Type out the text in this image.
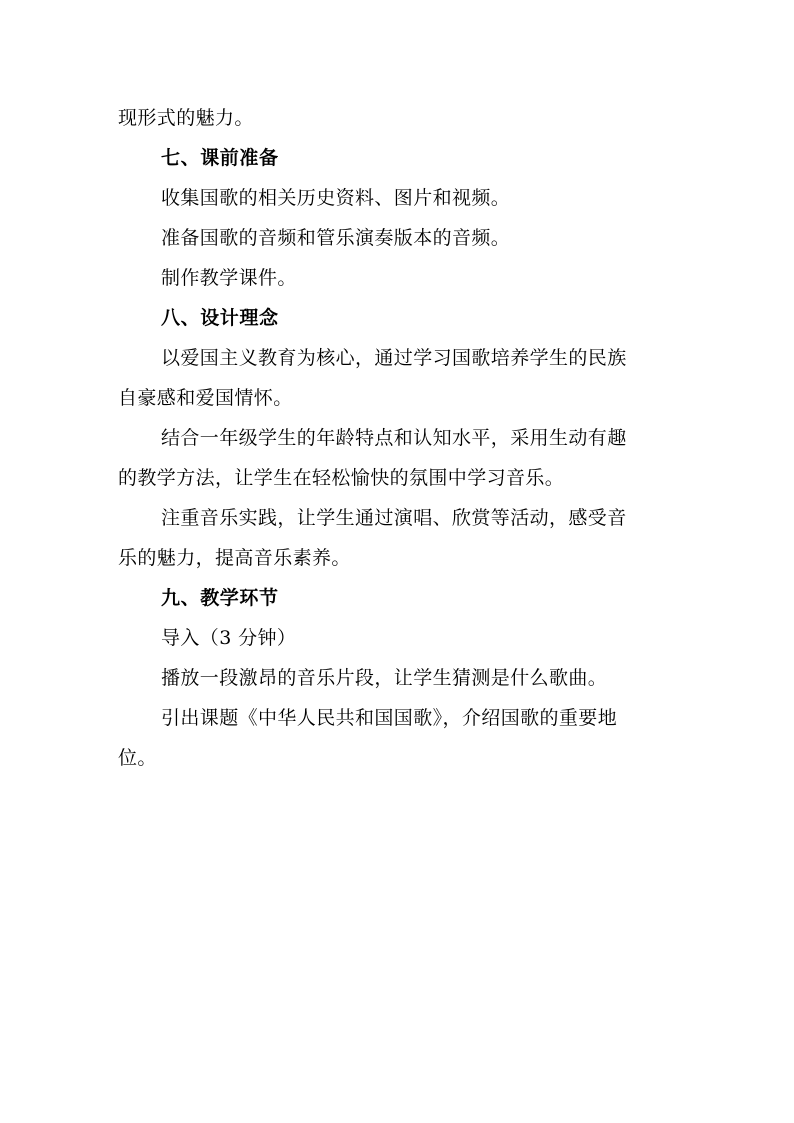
现形式的魅力。
七、课前准备
收集国歌的相关历史资料、图片和视频。
准备国歌的音频和管乐演奏版本的音频。
制作教学课件。
八、设计理念
以爱国主义教育为核心，通过学习国歌培养学生的民族
自豪感和爱国情怀。
结合一年级学生的年龄特点和认知水平，采用生动有趣
的教学方法，让学生在轻松愉快的氛围中学习音乐。
注重音乐实践，让学生通过演唱、欣赏等活动，感受音
乐的魅力，提高音乐素养。
九、教学环节
导入（3 分钟）
播放一段激昂的音乐片段，让学生猜测是什么歌曲。
引出课题《中华人民共和国国歌》，介绍国歌的重要地
位。
